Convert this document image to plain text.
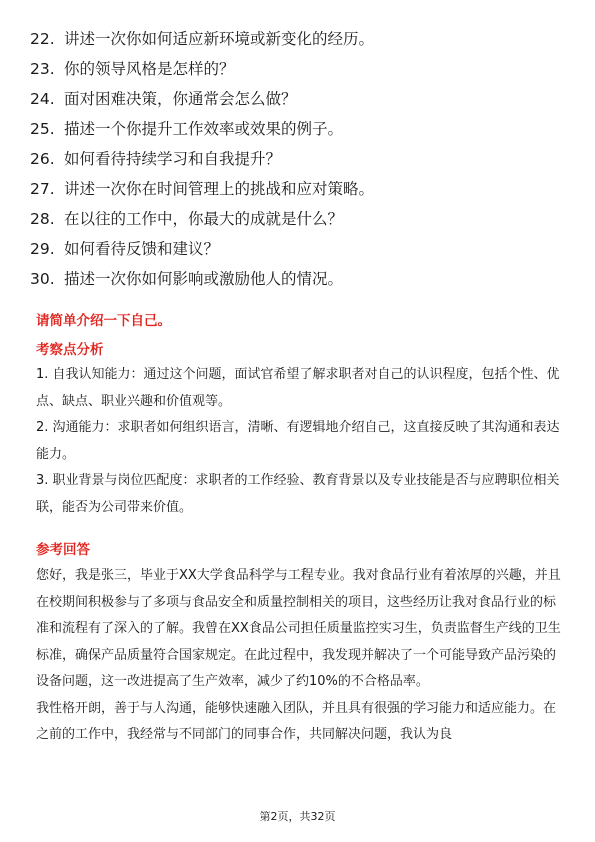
22. 讲述一次你如何适应新环境或新变化的经历。
23. 你的领导风格是怎样的？
24. 面对困难决策，你通常会怎么做？
25. 描述一个你提升工作效率或效果的例子。
26. 如何看待持续学习和自我提升？
27. 讲述一次你在时间管理上的挑战和应对策略。
28. 在以往的工作中，你最大的成就是什么？
29. 如何看待反馈和建议？
30. 描述一次你如何影响或激励他人的情况。
请简单介绍一下自己。
考察点分析

1. 自我认知能力：通过这个问题，面试官希望了解求职者对自己的认识程度，包括个性、优点、缺点、职业兴趣和价值观等。

2. 沟通能力：求职者如何组织语言，清晰、有逻辑地介绍自己，这直接反映了其沟通和表达能力。

3. 职业背景与岗位匹配度：求职者的工作经验、教育背景以及专业技能是否与应聘职位相关联，能否为公司带来价值。

参考回答

您好，我是张三，毕业于XX大学食品科学与工程专业。我对食品行业有着浓厚的兴趣，并且在校期间积极参与了多项与食品安全和质量控制相关的项目，这些经历让我对食品行业的标准和流程有了深入的了解。我曾在XX食品公司担任质量监控实习生，负责监督生产线的卫生标准，确保产品质量符合国家规定。在此过程中，我发现并解决了一个可能导致产品污染的设备问题，这一改进提高了生产效率，减少了约10%的不合格品率。

我性格开朗，善于与人沟通，能够快速融入团队，并且具有很强的学习能力和适应能力。在之前的工作中，我经常与不同部门的同事合作，共同解决问题，我认为良

第2页，共32页
